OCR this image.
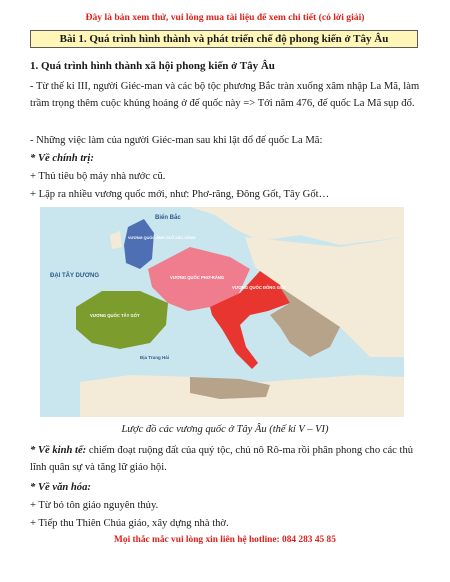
Đây là bản xem thử, vui lòng mua tài liệu để xem chi tiết (có lời giải)
Bài 1. Quá trình hình thành và phát triển chế độ phong kiến ở Tây Âu
1. Quá trình hình thành xã hội phong kiến ở Tây Âu
- Từ thế kỉ III, người Giéc-man và các bộ tộc phương Bắc tràn xuống xâm nhập La Mã, làm trầm trọng thêm cuộc khủng hoảng ở đế quốc này => Tới năm 476, đế quốc La Mã sụp đổ.
- Những việc làm của người Giéc-man sau khi lật đổ đế quốc La Mã:
* Về chính trị:
+ Thủ tiêu bộ máy nhà nước cũ.
+ Lập ra nhiều vương quốc mới, như: Phơ-răng, Đông Gốt, Tây Gốt…
Biển Bắc
VƯƠNG QUỐC ĂNG-GLÔ XẮC-XÔNG
ĐẠI TÂY DƯƠNG	VƯƠNG QUỐC PHƠ-RĂNG
VƯƠNG QUỐC ĐÔNG GỐT
VƯƠNG QUỐC TÂY GỐT
Địa Trung Hải
Lược đồ các vương quốc ở Tây Âu (thế kỉ V – VI)
* Về kinh tế: chiếm đoạt ruộng đất của quý tộc, chủ nô Rô-ma rồi phân phong cho các thủ lĩnh quân sự và tăng lữ giáo hội.
* Về văn hóa:
+ Từ bỏ tôn giáo nguyên thủy.
+ Tiếp thu Thiên Chúa giáo, xây dựng nhà thờ.
Mọi thắc mắc vui lòng xin liên hệ hotline: 084 283 45 85
